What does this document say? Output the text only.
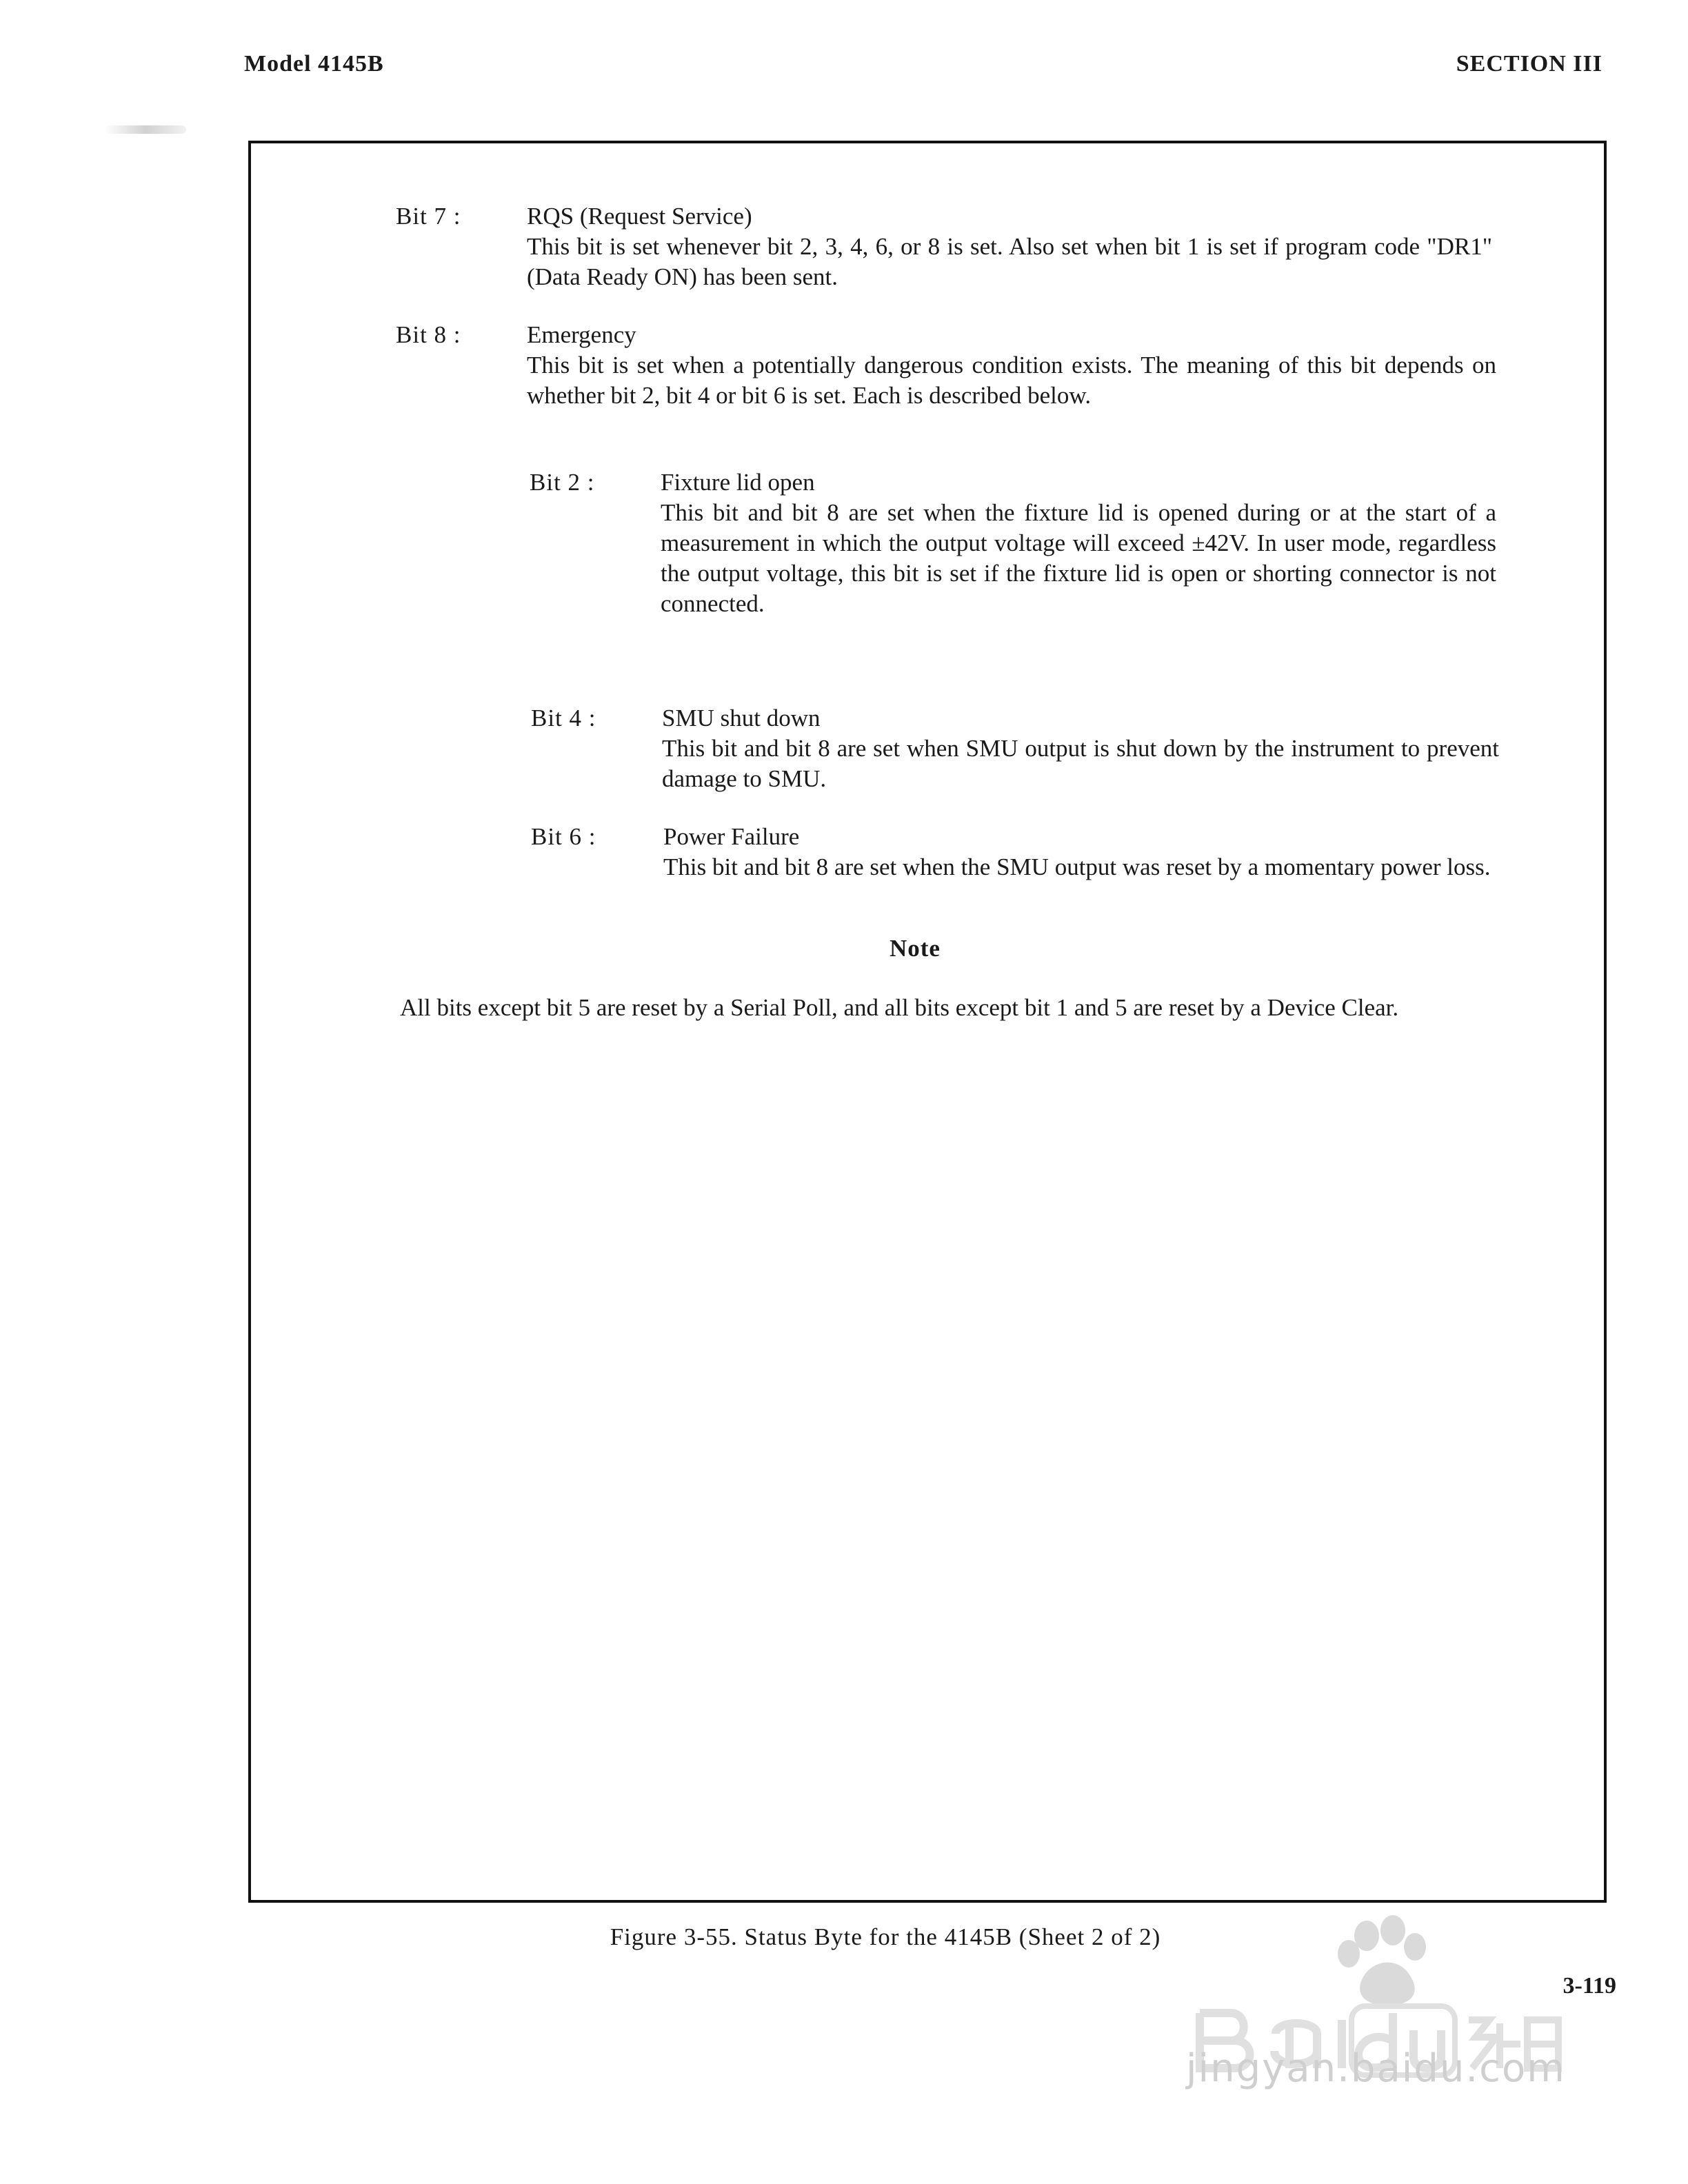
Model 4145B	SECTION III
Bit 7 :	RQS (Request Service)
This bit is set whenever bit 2, 3, 4, 6, or 8 is set. Also set when bit 1 is set if program code "DR1" (Data Ready ON) has been sent.
Bit 8 :	Emergency
This bit is set when a potentially dangerous condition exists. The meaning of this bit depends on whether bit 2, bit 4 or bit 6 is set. Each is described below.
Bit 2 :	Fixture lid open
This bit and bit 8 are set when the fixture lid is opened during or at the start of a measurement in which the output voltage will exceed ±42V. In user mode, regardless the output voltage, this bit is set if the fixture lid is open or shorting connector is not connected.
Bit 4 :	SMU shut down
This bit and bit 8 are set when SMU output is shut down by the instrument to prevent damage to SMU.
Bit 6 :	Power Failure
This bit and bit 8 are set when the SMU output was reset by a momentary power loss.
Note
All bits except bit 5 are reset by a Serial Poll, and all bits except bit 1 and 5 are reset by a Device Clear.
Figure 3-55. Status Byte for the 4145B (Sheet 2 of 2)
3-119
jingyan.baidu.com
